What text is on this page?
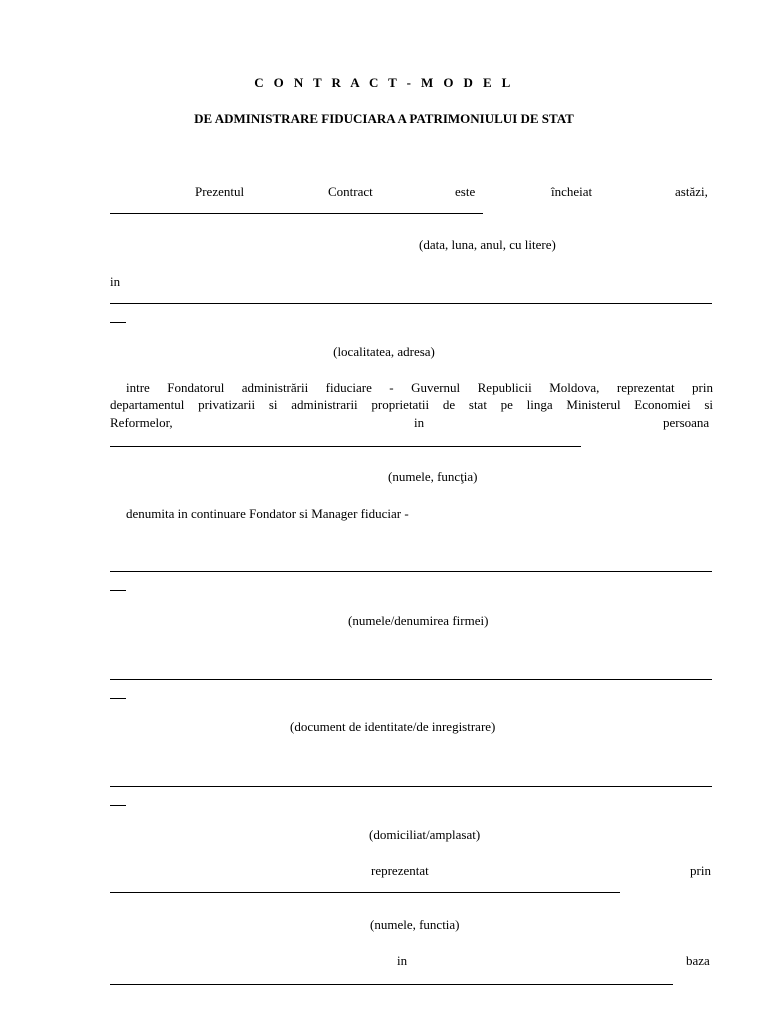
C O N T R A C T - M O D E L
DE ADMINISTRARE FIDUCIARA A PATRIMONIULUI DE STAT
Prezentul	Contract	este	încheiat	astăzi,
(data, luna, anul, cu litere)
in
(localitatea, adresa)
intre Fondatorul administrării fiduciare - Guvernul Republicii Moldova, reprezentat prin
departamentul privatizarii si administrarii proprietatii de stat pe linga Ministerul Economiei si
Reformelor,	in	persoana
(numele, funcţia)
denumita in continuare Fondator si Manager fiduciar -
(numele/denumirea firmei)
(document de identitate/de inregistrare)
(domiciliat/amplasat)
reprezentat	prin
(numele, functia)
in	baza
